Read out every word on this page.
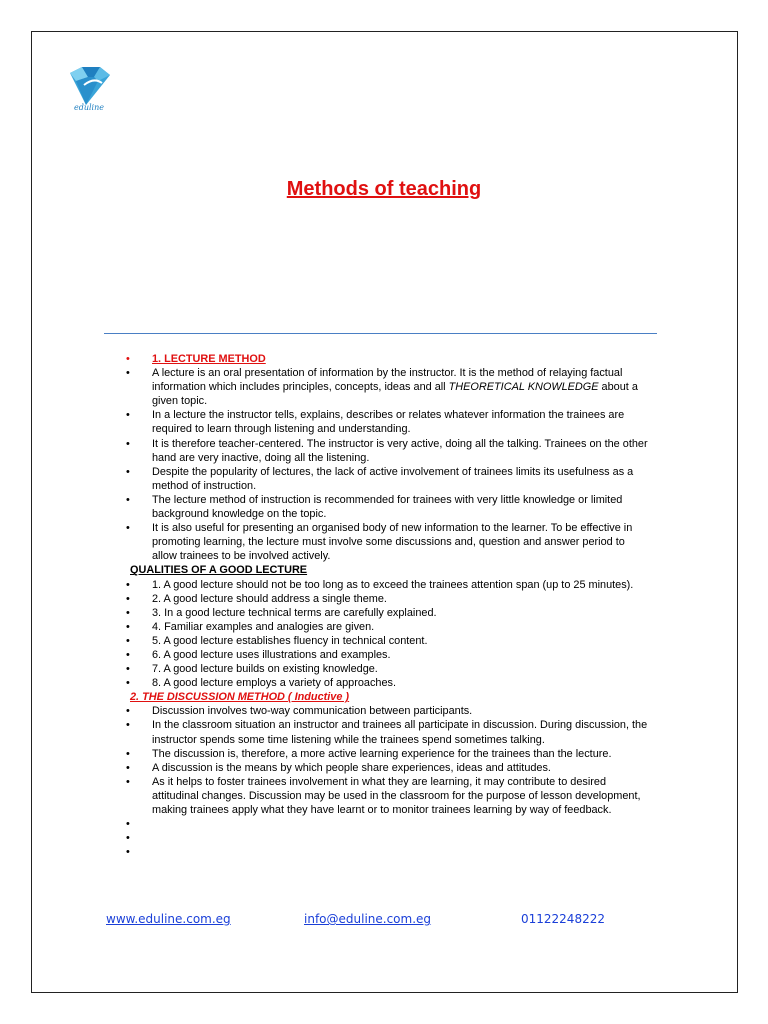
eduline
Methods of teaching
• 1. LECTURE METHOD
• A lecture is an oral presentation of information by the instructor. It is the method of relaying factual information which includes principles, concepts, ideas and all THEORETICAL KNOWLEDGE about a given topic.
• In a lecture the instructor tells, explains, describes or relates whatever information the trainees are required to learn through listening and understanding.
• It is therefore teacher-centered. The instructor is very active, doing all the talking. Trainees on the other hand are very inactive, doing all the listening.
• Despite the popularity of lectures, the lack of active involvement of trainees limits its usefulness as a method of instruction.
• The lecture method of instruction is recommended for trainees with very little knowledge or limited background knowledge on the topic.
• It is also useful for presenting an organised body of new information to the learner. To be effective in promoting learning, the lecture must involve some discussions and, question and answer period to allow trainees to be involved actively.
QUALITIES OF A GOOD LECTURE
• 1. A good lecture should not be too long as to exceed the trainees attention span (up to 25 minutes).
• 2. A good lecture should address a single theme.
• 3. In a good lecture technical terms are carefully explained.
• 4. Familiar examples and analogies are given.
• 5. A good lecture establishes fluency in technical content.
• 6. A good lecture uses illustrations and examples.
• 7. A good lecture builds on existing knowledge.
• 8. A good lecture employs a variety of approaches.
2. THE DISCUSSION METHOD ( Inductive )
• Discussion involves two-way communication between participants.
• In the classroom situation an instructor and trainees all participate in discussion. During discussion, the instructor spends some time listening while the trainees spend sometimes talking.
• The discussion is, therefore, a more active learning experience for the trainees than the lecture.
• A discussion is the means by which people share experiences, ideas and attitudes.
• As it helps to foster trainees involvement in what they are learning, it may contribute to desired attitudinal changes. Discussion may be used in the classroom for the purpose of lesson development, making trainees apply what they have learnt or to monitor trainees learning by way of feedback.
•
•
•
www.eduline.com.eg	info@eduline.com.eg	01122248222
